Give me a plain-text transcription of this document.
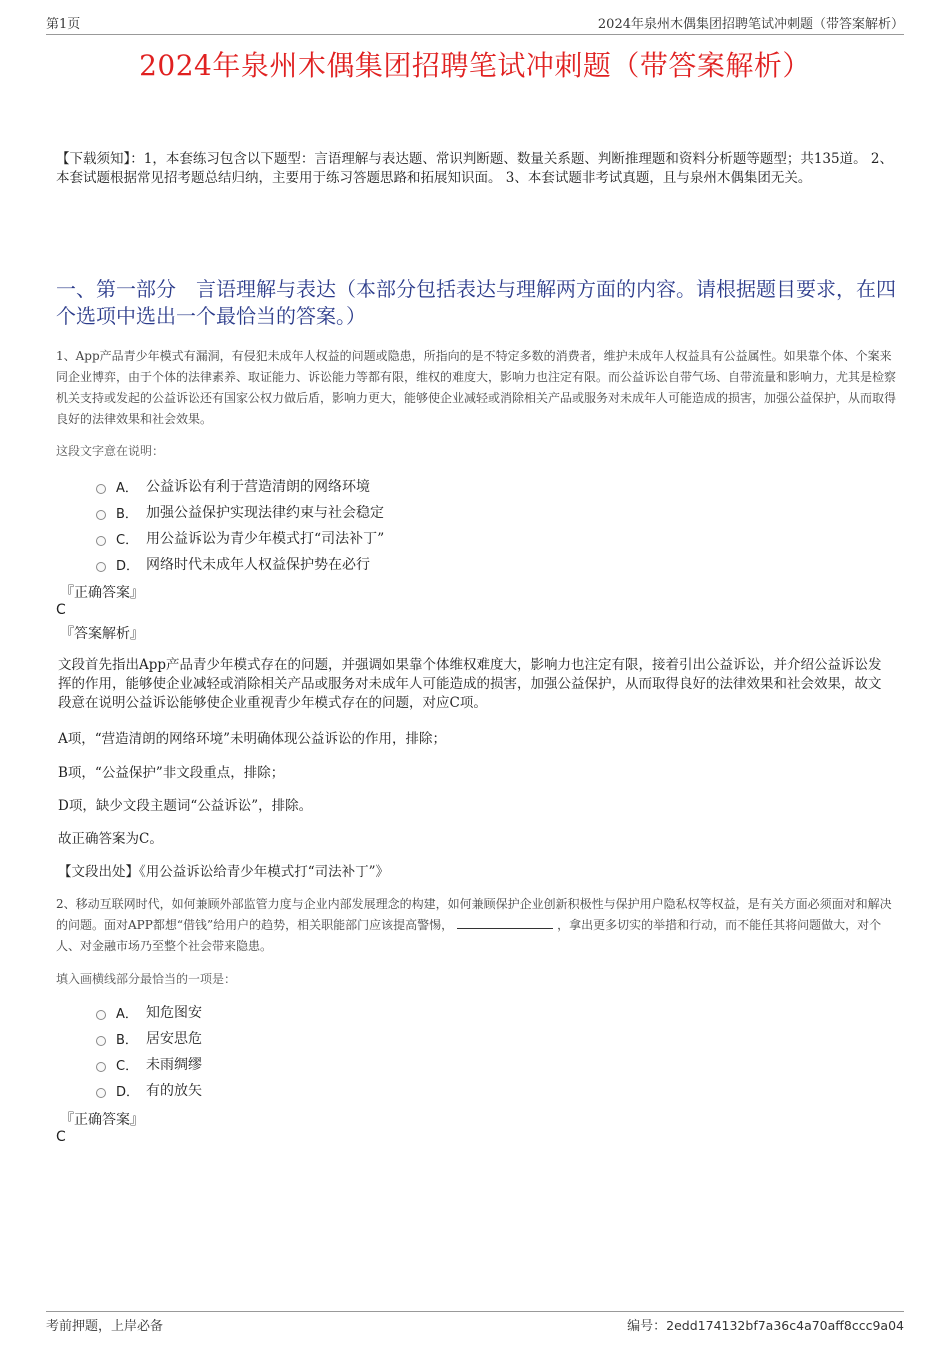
第1页	2024年泉州木偶集团招聘笔试冲刺题（带答案解析）
2024年泉州木偶集团招聘笔试冲刺题（带答案解析）
【下载须知】：1，本套练习包含以下题型：言语理解与表达题、常识判断题、数量关系题、判断推理题和资料分析题等题型；共135道。 2、本套试题根据常见招考题总结归纳，主要用于练习答题思路和拓展知识面。 3、本套试题非考试真题，且与泉州木偶集团无关。
一、第一部分　言语理解与表达（本部分包括表达与理解两方面的内容。请根据题目要求，在四个选项中选出一个最恰当的答案。）
1、App产品青少年模式有漏洞，有侵犯未成年人权益的问题或隐患，所指向的是不特定多数的消费者，维护未成年人权益具有公益属性。如果靠个体、个案来同企业博弈，由于个体的法律素养、取证能力、诉讼能力等都有限，维权的难度大，影响力也注定有限。而公益诉讼自带气场、自带流量和影响力，尤其是检察机关支持或发起的公益诉讼还有国家公权力做后盾，影响力更大，能够使企业减轻或消除相关产品或服务对未成年人可能造成的损害，加强公益保护，从而取得良好的法律效果和社会效果。
这段文字意在说明：
A． 公益诉讼有利于营造清朗的网络环境
B． 加强公益保护实现法律约束与社会稳定
C． 用公益诉讼为青少年模式打“司法补丁”
D． 网络时代未成年人权益保护势在必行
『正确答案』
C
『答案解析』
文段首先指出App产品青少年模式存在的问题，并强调如果靠个体维权难度大，影响力也注定有限，接着引出公益诉讼，并介绍公益诉讼发挥的作用，能够使企业减轻或消除相关产品或服务对未成年人可能造成的损害，加强公益保护，从而取得良好的法律效果和社会效果，故文段意在说明公益诉讼能够使企业重视青少年模式存在的问题，对应C项。
A项，“营造清朗的网络环境”未明确体现公益诉讼的作用，排除；
B项，“公益保护”非文段重点，排除；
D项，缺少文段主题词“公益诉讼”，排除。
故正确答案为C。
【文段出处】《用公益诉讼给青少年模式打“司法补丁”》
2、移动互联网时代，如何兼顾外部监管力度与企业内部发展理念的构建，如何兼顾保护企业创新积极性与保护用户隐私权等权益，是有关方面必须面对和解决的问题。面对APP都想“借钱”给用户的趋势，相关职能部门应该提高警惕，	，拿出更多切实的举措和行动，而不能任其将问题做大，对个人、对金融市场乃至整个社会带来隐患。
填入画横线部分最恰当的一项是：
A． 知危图安
B． 居安思危
C． 未雨绸缪
D． 有的放矢
『正确答案』
C
考前押题，上岸必备	编号：2edd174132bf7a36c4a70aff8ccc9a04
